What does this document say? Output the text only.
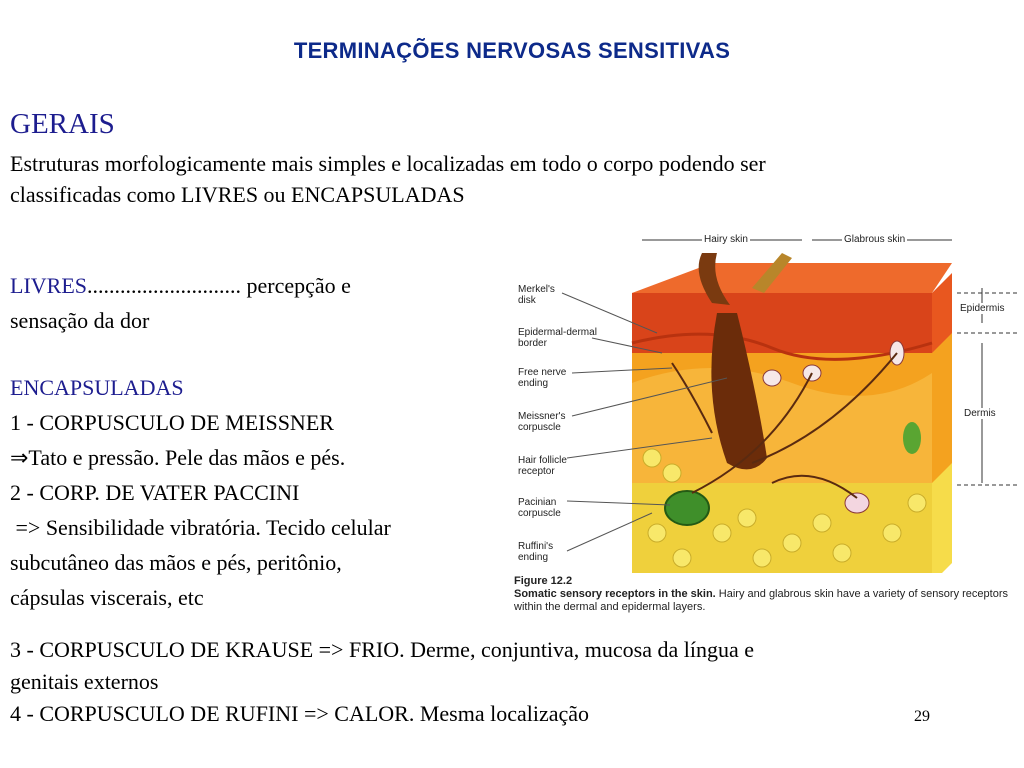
TERMINAÇÕES NERVOSAS SENSITIVAS
GERAIS
Estruturas morfologicamente mais simples e localizadas em todo o corpo podendo ser
classificadas como LIVRES ou ENCAPSULADAS
LIVRES............................ percepção e
sensação da dor
ENCAPSULADAS
1 - CORPUSCULO DE MEISSNER
⇒Tato e pressão. Pele das mãos e pés.
2 - CORP. DE VATER PACCINI
=> Sensibilidade vibratória. Tecido celular
subcutâneo das mãos e pés, peritônio,
cápsulas viscerais, etc
Hairy skin	Glabrous skin
Merkel's disk
Epidermal-dermal border
Free nerve ending
Meissner's corpuscle
Hair follicle receptor
Pacinian corpuscle
Ruffini's ending
Epidermis
Dermis
Figure 12.2
Somatic sensory receptors in the skin. Hairy and glabrous skin have a variety of sensory receptors within the dermal and epidermal layers.
3 - CORPUSCULO DE KRAUSE => FRIO. Derme, conjuntiva, mucosa da língua e
genitais externos
4 - CORPUSCULO DE RUFINI => CALOR. Mesma localização	29
